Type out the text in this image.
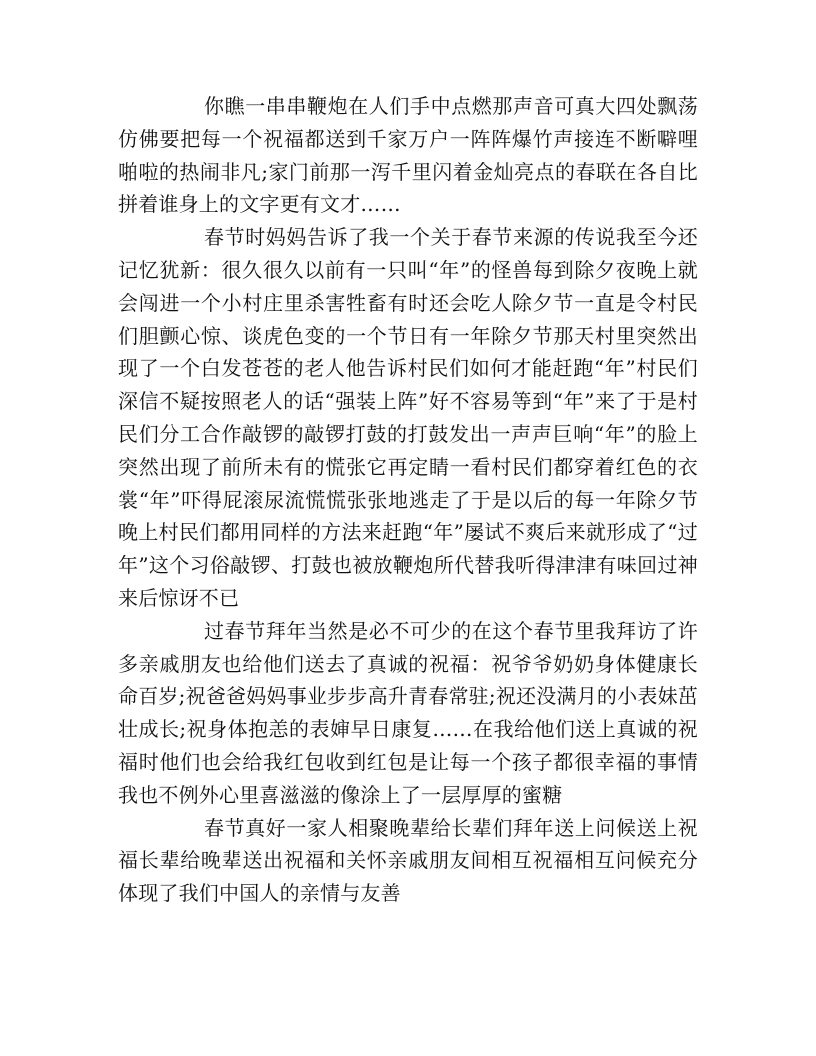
你瞧一串串鞭炮在人们手中点燃那声音可真大四处飘荡仿佛要把每一个祝福都送到千家万户一阵阵爆竹声接连不断噼哩啪啦的热闹非凡;家门前那一泻千里闪着金灿亮点的春联在各自比拼着谁身上的文字更有文才……

春节时妈妈告诉了我一个关于春节来源的传说我至今还记忆犹新：很久很久以前有一只叫“年”的怪兽每到除夕夜晚上就会闯进一个小村庄里杀害牲畜有时还会吃人除夕节一直是令村民们胆颤心惊、谈虎色变的一个节日有一年除夕节那天村里突然出现了一个白发苍苍的老人他告诉村民们如何才能赶跑“年”村民们深信不疑按照老人的话“强装上阵”好不容易等到“年”来了于是村民们分工合作敲锣的敲锣打鼓的打鼓发出一声声巨响“年”的脸上突然出现了前所未有的慌张它再定睛一看村民们都穿着红色的衣裳“年”吓得屁滚尿流慌慌张张地逃走了于是以后的每一年除夕节晚上村民们都用同样的方法来赶跑“年”屡试不爽后来就形成了“过年”这个习俗敲锣、打鼓也被放鞭炮所代替我听得津津有味回过神来后惊讶不已

过春节拜年当然是必不可少的在这个春节里我拜访了许多亲戚朋友也给他们送去了真诚的祝福：祝爷爷奶奶身体健康长命百岁;祝爸爸妈妈事业步步高升青春常驻;祝还没满月的小表妹茁壮成长;祝身体抱恙的表婶早日康复……在我给他们送上真诚的祝福时他们也会给我红包收到红包是让每一个孩子都很幸福的事情我也不例外心里喜滋滋的像涂上了一层厚厚的蜜糖

春节真好一家人相聚晚辈给长辈们拜年送上问候送上祝福长辈给晚辈送出祝福和关怀亲戚朋友间相互祝福相互问候充分体现了我们中国人的亲情与友善
